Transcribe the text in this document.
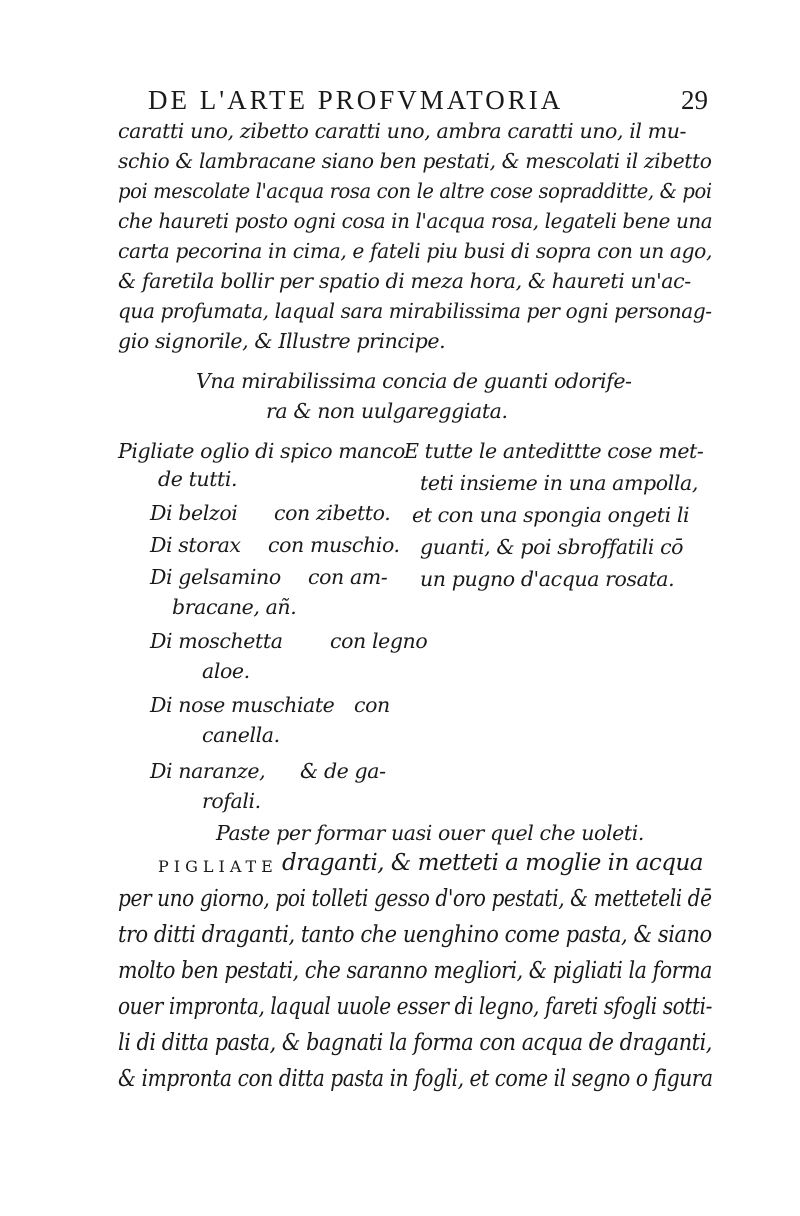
DE L'ARTE PROFVMATORIA	29
caratti uno, zibetto caratti uno, ambra caratti uno, il mu-
schio & lambracane siano ben pestati, & mescolati il zibetto
poi mescolate l'acqua rosa con le altre cose sopradditte, & poi
che haureti posto ogni cosa in l'acqua rosa, legateli bene una
carta pecorina in cima, e fateli piu busi di sopra con un ago,
& faretila bollir per spatio di meza hora, & haureti un'ac-
qua profumata, laqual sara mirabilissima per ogni personag-
gio signorile, & Illustre principe.
Vna mirabilissima concia de guanti odorife-
ra & non uulgareggiata.
Pigliate oglio di spico manco
de tutti.
Di belzoi con zibetto.
Di storax con muschio.
Di gelsamino con am-
bracane, añ.
Di moschetta con legno
aloe.
Di nose muschiate con
canella.
Di naranze, & de ga-
rofali.
E tutte le antedittte cose met-
teti insieme in una ampolla,
et con una spongia ongeti li
guanti, & poi sbroffatili cō
un pugno d'acqua rosata.
Paste per formar uasi ouer quel che uoleti.
PIGLIATE draganti, & metteti a moglie in acqua
per uno giorno, poi tolleti gesso d'oro pestati, & metteteli dē
tro ditti draganti, tanto che uenghino come pasta, & siano
molto ben pestati, che saranno megliori, & pigliati la forma
ouer impronta, laqual uuole esser di legno, fareti sfogli sotti-
li di ditta pasta, & bagnati la forma con acqua de draganti,
& impronta con ditta pasta in fogli, et come il segno o figura
